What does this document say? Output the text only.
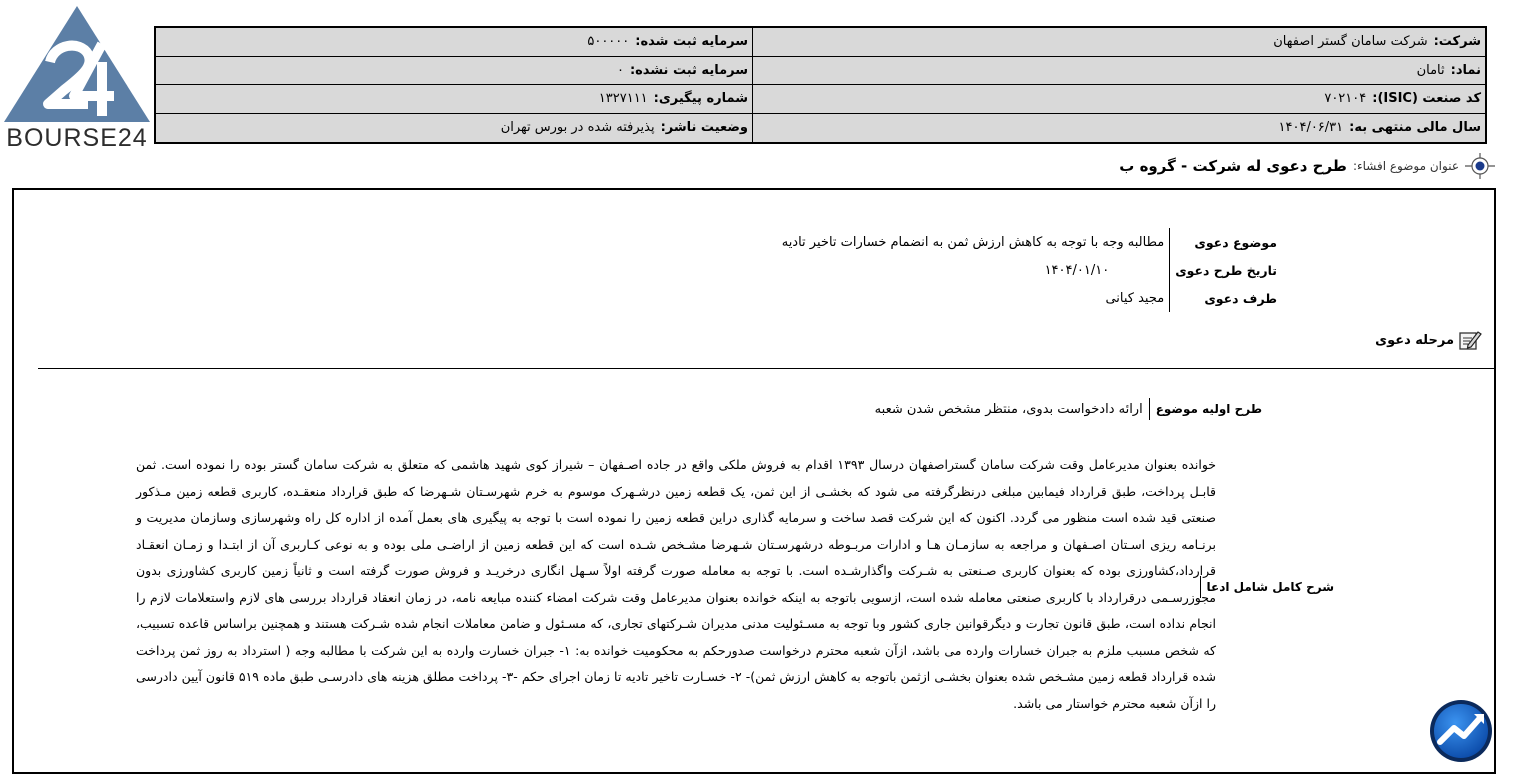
BOURSE24
شرکت:
شرکت سامان گستر اصفهان
سرمایه ثبت شده:
۵۰۰۰۰۰
نماد:
ثامان
سرمایه ثبت نشده:
۰
کد صنعت (ISIC):
۷۰۲۱۰۴
شماره پیگیری:
۱۳۲۷۱۱۱
سال مالی منتهی به:
۱۴۰۴/۰۶/۳۱
وضعیت ناشر:
پذیرفته شده در بورس تهران
عنوان موضوع افشاء:
طرح دعوی له شرکت - گروه ب
موضوع دعوی	مطالبه وجه با توجه به کاهش ارزش ثمن به انضمام خسارات تاخیر تادیه
تاریخ طرح دعوی	۱۴۰۴/۰۱/۱۰
طرف دعوی	مجید کیانی
مرحله دعوی
طرح اولیه موضوع
ارائه دادخواست بدوی، منتظر مشخص شدن شعبه
شرح کامل شامل ادعا
خوانده بعنوان مدیرعامل وقت شرکت سامان گستراصفهان درسال ۱۳۹۳ اقدام به فروش ملکی واقع در جاده اصـفهان – شیراز کوی شهید هاشمی که متعلق به شرکت سامان گستر بوده را نموده است. ثمن قابـل پرداخت، طبق قرارداد فیمابین مبلغی درنظرگرفته می شود که بخشـی از این ثمن، یک قطعه زمین درشـهرک موسوم به خرم شهرسـتان شـهرضا که طبق قرارداد منعقـده، کاربری قطعه زمین مـذکور صنعتی قید شده است منظور می گردد. اکنون که این شرکت قصد ساخت و سرمایه گذاری دراین قطعه زمین را نموده است با توجه به پیگیری های بعمل آمده از اداره کل راه وشهرسازی وسازمان مدیریت و برنـامه ریزی اسـتان اصـفهان و مراجعه به سازمـان هـا و ادارات مربـوطه درشهرسـتان شـهرضا مشـخص شـده است که این قطعه زمین از اراضـی ملی بوده و به نوعی کـاربری آن از ابتـدا و زمـان انعقـاد قرارداد،کشاورزی بوده که بعنوان کاربری صـنعتی به شـرکت واگذارشـده است. با توجه به معامله صورت گرفته اولاً سـهل انگاری درخریـد و فروش صورت گرفته است و ثانیاً زمین کاربری کشاورزی بدون مجوزرسـمی درقرارداد با کاربری صنعتی معامله شده است، ازسویی باتوجه به اینکه خوانده بعنوان مدیرعامل وقت شرکت امضاء کننده مبایعه نامه، در زمان انعقاد قرارداد بررسی های لازم واستعلامات لازم را انجام نداده است، طبق قانون تجارت و دیگرقوانین جاری کشور وبا توجه به مسـئولیت مدنی مدیران شـرکتهای تجاری، که مسـئول و ضامن معاملات انجام شده شـرکت هستند و همچنین براساس قاعده تسبیب، که شخص مسبب ملزم به جبران خسارات وارده می باشد، ازآن شعبه محترم درخواست صدورحکم به محکومیت خوانده به: ۱- جبران خسارت وارده به این شرکت با مطالبه وجه ( استرداد به روز ثمن پرداخت شده قرارداد قطعه زمین مشـخص شده بعنوان بخشـی ازثمن باتوجه به کاهش ارزش ثمن)- ۲- خسـارت تاخیر تادیه تا زمان اجرای حکم -۳- پرداخت مطلق هزینه های دادرسـی طبق ماده ۵۱۹ قانون آیین دادرسی را ازآن شعبه محترم خواستار می باشد.
